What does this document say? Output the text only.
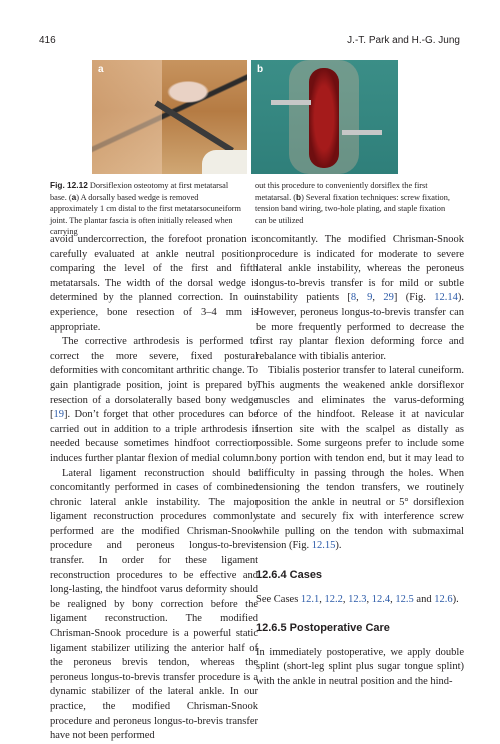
416	J.-T. Park and H.-G. Jung
a	b
Fig. 12.12 Dorsiflexion osteotomy at first metatarsal base. (a) A dorsally based wedge is removed approximately 1 cm distal to the first metatarsocuneiform joint. The plantar fascia is often initially released when carrying
out this procedure to conveniently dorsiflex the first metatarsal. (b) Several fixation techniques: screw fixation, tension band wiring, two-hole plating, and staple fixation can be utilized

avoid undercorrection, the forefoot pronation is carefully evaluated at ankle neutral position, comparing the level of the first and fifth metatarsals. The width of the dorsal wedge is determined by the planned correction. In our experience, bone resection of 3–4 mm is appropriate.

The corrective arthrodesis is performed to correct the more severe, fixed postural deformities with concomitant arthritic change. To gain plantigrade position, joint is prepared by resection of a dorsolaterally based bony wedge [19]. Don’t forget that other procedures can be carried out in addition to a triple arthrodesis if needed because sometimes hindfoot correction induces further plantar flexion of medial column.

Lateral ligament reconstruction should be concomitantly performed in cases of combined chronic lateral ankle instability. The major ligament reconstruction procedures commonly performed are the modified Chrisman-Snook procedure and peroneus longus-to-brevis transfer. In order for these ligament reconstruction procedures to be effective and long-lasting, the hindfoot varus deformity should be realigned by bony correction before the ligament reconstruction. The modified Chrisman-Snook procedure is a powerful static ligament stabilizer utilizing the anterior half of the peroneus brevis tendon, whereas the peroneus longus-to-brevis transfer procedure is a dynamic stabilizer of the lateral ankle. In our practice, the modified Chrisman-Snook procedure and peroneus longus-to-brevis transfer have not been performed

concomitantly. The modified Chrisman-Snook procedure is indicated for moderate to severe lateral ankle instability, whereas the peroneus longus-to-brevis transfer is for mild or subtle instability patients [8, 9, 29] (Fig. 12.14). However, peroneus longus-to-brevis transfer can be more frequently performed to decrease the first ray plantar flexion deforming force and rebalance with tibialis anterior.

Tibialis posterior transfer to lateral cuneiform. This augments the weakened ankle dorsiflexor muscles and eliminates the varus-deforming force of the hindfoot. Release it at navicular insertion site with the scalpel as distally as possible. Some surgeons prefer to include some bony portion with tendon end, but it may lead to difficulty in passing through the holes. When tensioning the tendon transfers, we routinely position the ankle in neutral or 5° dorsiflexion state and securely fix with interference screw while pulling on the tendon with submaximal tension (Fig. 12.15).

12.6.4 Cases

See Cases 12.1, 12.2, 12.3, 12.4, 12.5 and 12.6).

12.6.5 Postoperative Care

In immediately postoperative, we apply double splint (short-leg splint plus sugar tongue splint) with the ankle in neutral position and the hind-
